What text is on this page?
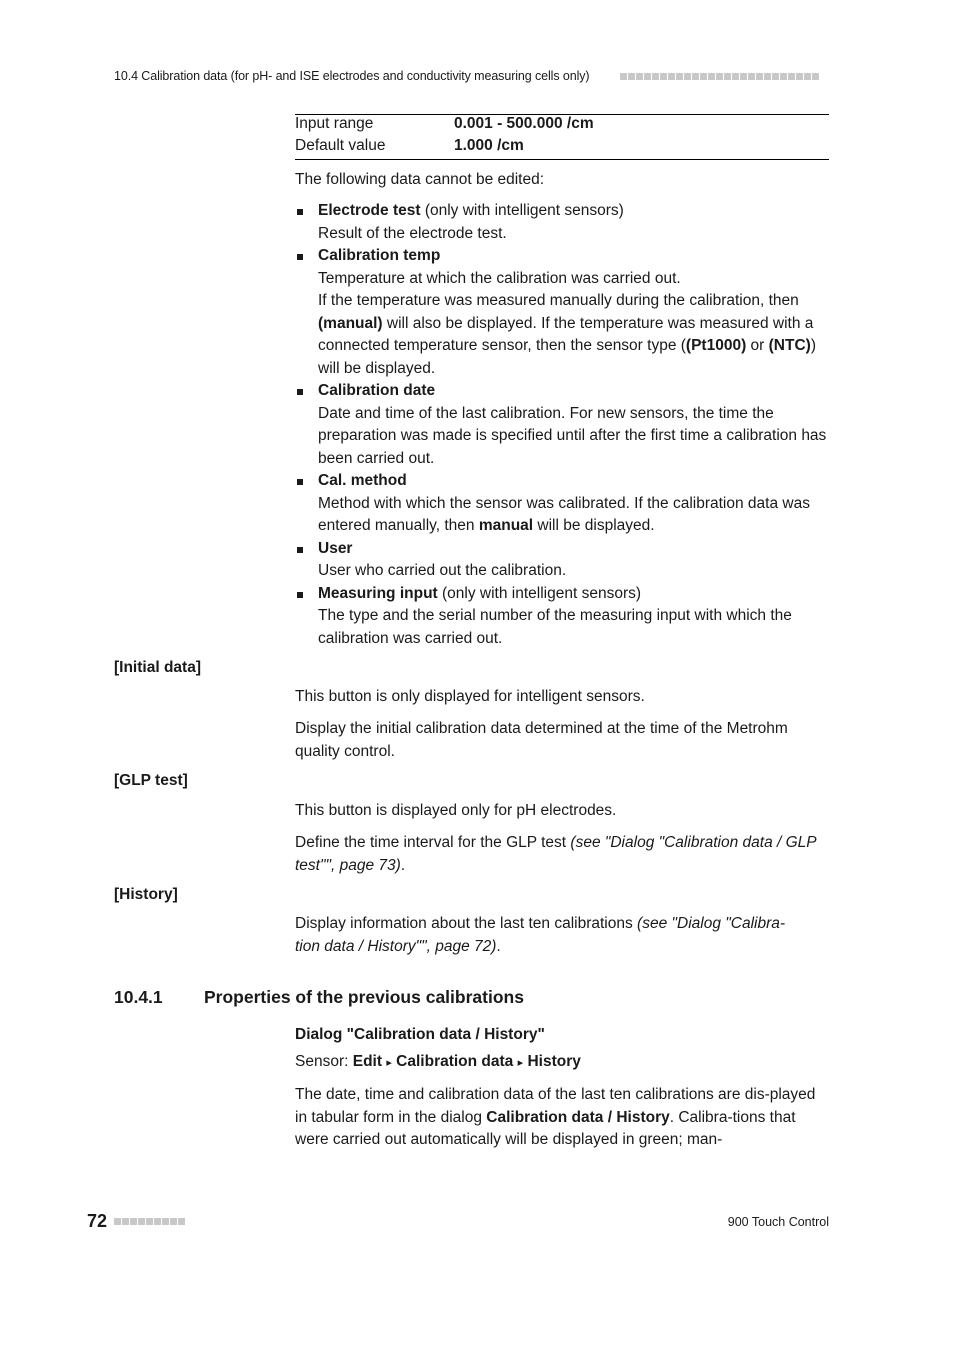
10.4 Calibration data (for pH- and ISE electrodes and conductivity measuring cells only)
Input range	0.001 - 500.000 /cm
Default value	1.000 /cm
The following data cannot be edited:
Electrode test (only with intelligent sensors)
Result of the electrode test.
Calibration temp
Temperature at which the calibration was carried out.
If the temperature was measured manually during the calibration, then (manual) will also be displayed. If the temperature was measured with a connected temperature sensor, then the sensor type ((Pt1000) or (NTC)) will be displayed.
Calibration date
Date and time of the last calibration. For new sensors, the time the preparation was made is specified until after the first time a calibration has been carried out.
Cal. method
Method with which the sensor was calibrated. If the calibration data was entered manually, then manual will be displayed.
User
User who carried out the calibration.
Measuring input (only with intelligent sensors)
The type and the serial number of the measuring input with which the calibration was carried out.
[Initial data]
This button is only displayed for intelligent sensors.
Display the initial calibration data determined at the time of the Metrohm quality control.
[GLP test]
This button is displayed only for pH electrodes.
Define the time interval for the GLP test (see "Dialog "Calibration data / GLP test"", page 73).
[History]
Display information about the last ten calibrations (see "Dialog "Calibra-
tion data / History"", page 72).
10.4.1 Properties of the previous calibrations
Dialog "Calibration data / History"
Sensor: Edit ▸ Calibration data ▸ History
The date, time and calibration data of the last ten calibrations are dis-played in tabular form in the dialog Calibration data / History. Calibra-tions that were carried out automatically will be displayed in green; man-
72	900 Touch Control
